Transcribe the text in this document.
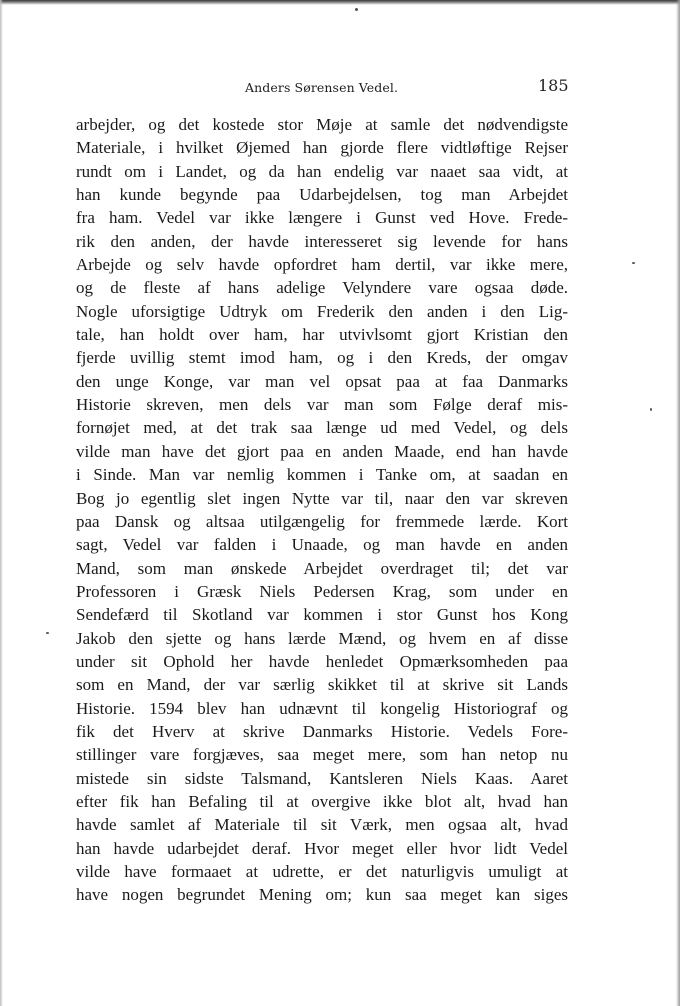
Anders Sørensen Vedel.	185
arbejder, og det kostede stor Møje at samle det nødvendigste
Materiale, i hvilket Øjemed han gjorde flere vidtløftige Rejser
rundt om i Landet, og da han endelig var naaet saa vidt, at
han kunde begynde paa Udarbejdelsen, tog man Arbejdet
fra ham. Vedel var ikke længere i Gunst ved Hove. Frede-
rik den anden, der havde interesseret sig levende for hans
Arbejde og selv havde opfordret ham dertil, var ikke mere,
og de fleste af hans adelige Velyndere vare ogsaa døde.
Nogle uforsigtige Udtryk om Frederik den anden i den Lig-
tale, han holdt over ham, har utvivlsomt gjort Kristian den
fjerde uvillig stemt imod ham, og i den Kreds, der omgav
den unge Konge, var man vel opsat paa at faa Danmarks
Historie skreven, men dels var man som Følge deraf mis-
fornøjet med, at det trak saa længe ud med Vedel, og dels
vilde man have det gjort paa en anden Maade, end han havde
i Sinde. Man var nemlig kommen i Tanke om, at saadan en
Bog jo egentlig slet ingen Nytte var til, naar den var skreven
paa Dansk og altsaa utilgængelig for fremmede lærde. Kort
sagt, Vedel var falden i Unaade, og man havde en anden
Mand, som man ønskede Arbejdet overdraget til; det var
Professoren i Græsk Niels Pedersen Krag, som under en
Sendefærd til Skotland var kommen i stor Gunst hos Kong
Jakob den sjette og hans lærde Mænd, og hvem en af disse
under sit Ophold her havde henledet Opmærksomheden paa
som en Mand, der var særlig skikket til at skrive sit Lands
Historie. 1594 blev han udnævnt til kongelig Historiograf og
fik det Hverv at skrive Danmarks Historie. Vedels Fore-
stillinger vare forgjæves, saa meget mere, som han netop nu
mistede sin sidste Talsmand, Kantsleren Niels Kaas. Aaret
efter fik han Befaling til at overgive ikke blot alt, hvad han
havde samlet af Materiale til sit Værk, men ogsaa alt, hvad
han havde udarbejdet deraf. Hvor meget eller hvor lidt Vedel
vilde have formaaet at udrette, er det naturligvis umuligt at
have nogen begrundet Mening om; kun saa meget kan siges
